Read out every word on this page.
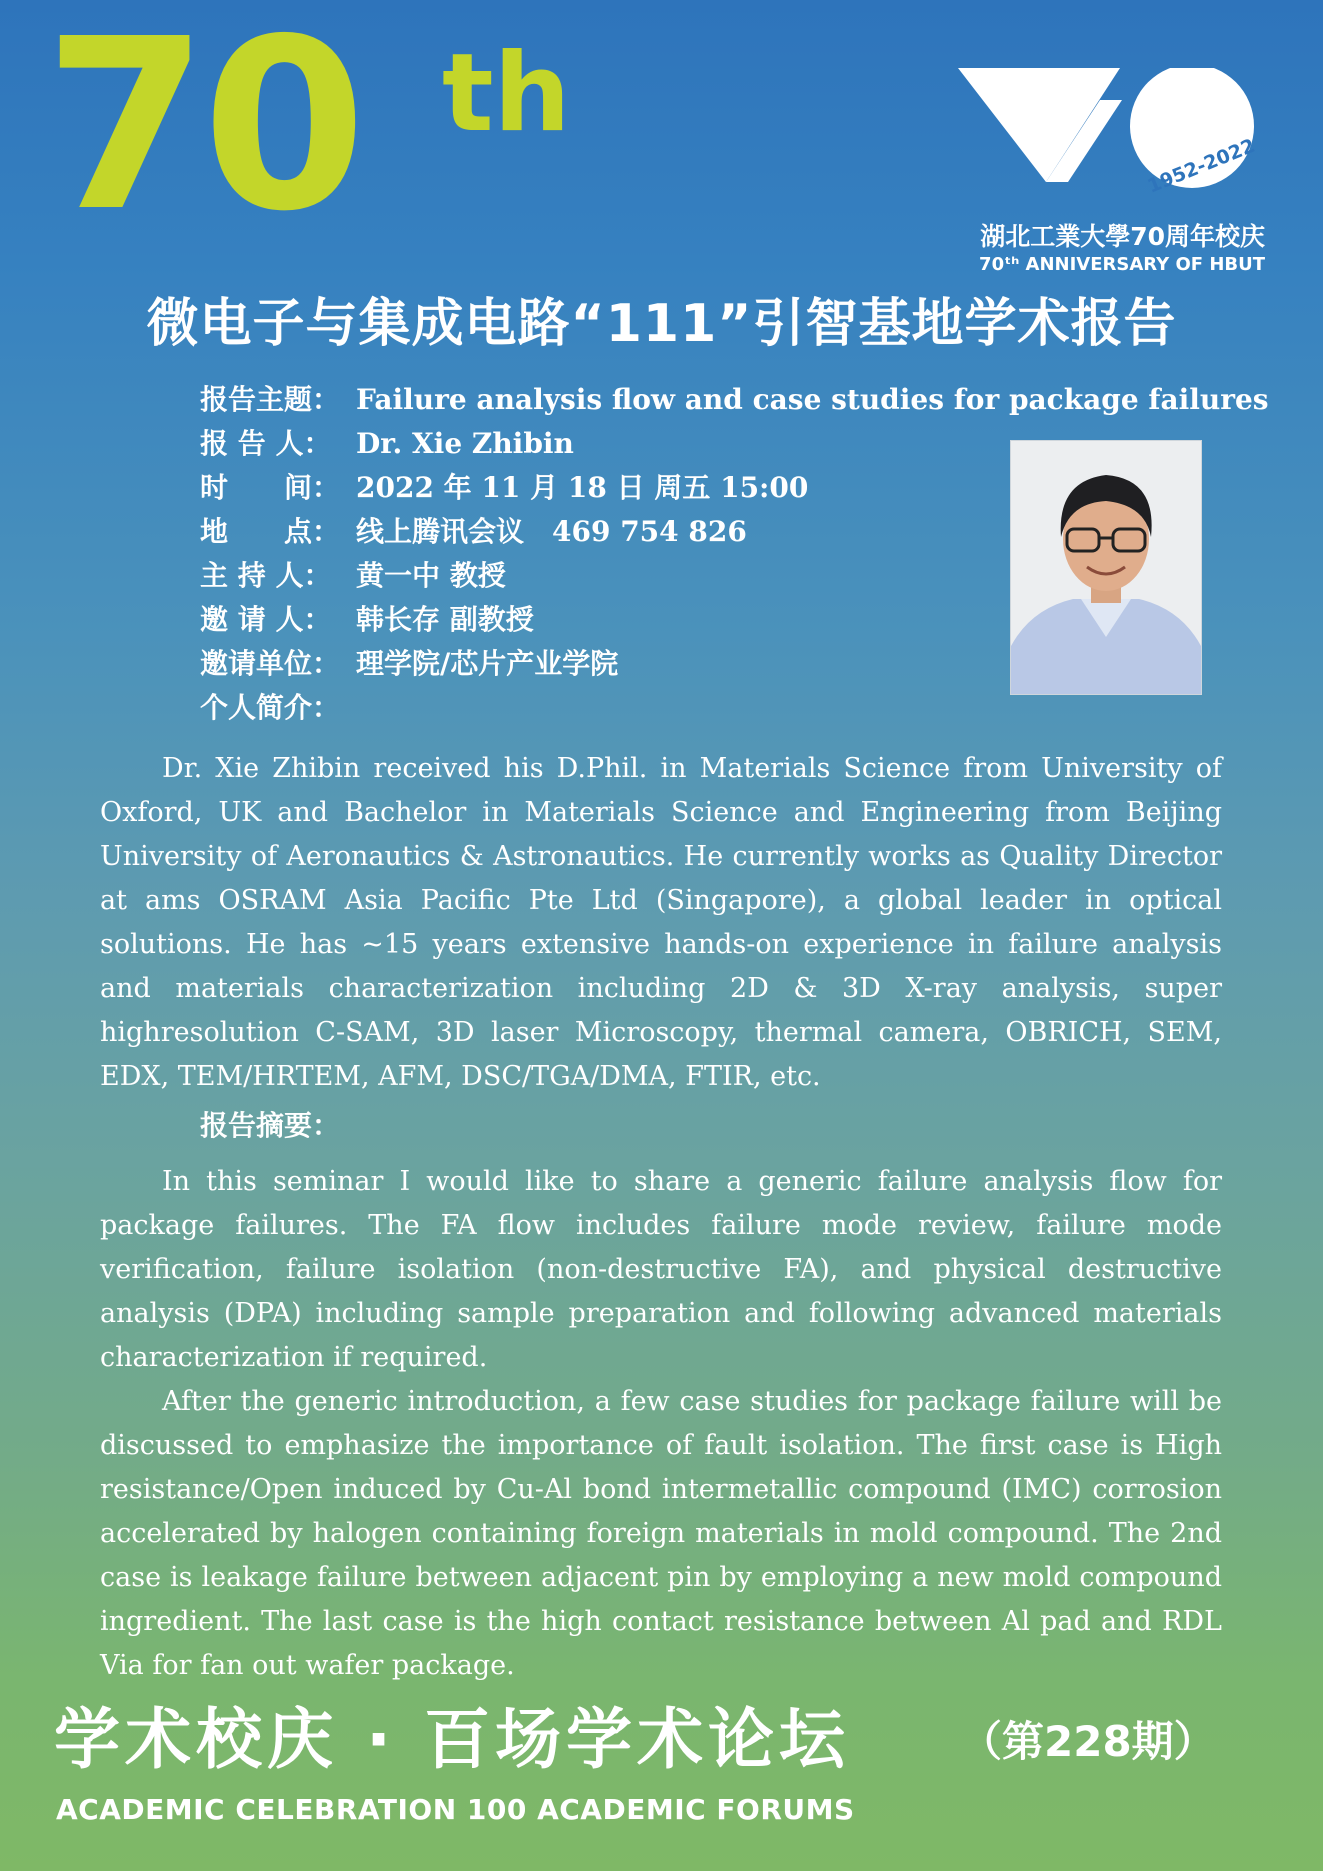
70 th
1952-2022
湖北工業大學70周年校庆
70ᵗʰ ANNIVERSARY OF HBUT
微电子与集成电路“111”引智基地学术报告
报告主题： Failure analysis flow and case studies for package failures
报 告 人： Dr. Xie Zhibin
时　　间： 2022 年 11 月 18 日 周五 15:00
地　　点： 线上腾讯会议　469 754 826
主 持 人： 黄一中 教授
邀 请 人： 韩长存 副教授
邀请单位： 理学院/芯片产业学院
个人简介：

Dr. Xie Zhibin received his D.Phil. in Materials Science from University of Oxford, UK and Bachelor in Materials Science and Engineering from Beijing University of Aeronautics & Astronautics. He currently works as Quality Director at ams OSRAM Asia Pacific Pte Ltd (Singapore), a global leader in optical solutions. He has ~15 years extensive hands-on experience in failure analysis and materials characterization including 2D & 3D X-ray analysis, super highresolution C-SAM, 3D laser Microscopy, thermal camera, OBRICH, SEM, EDX, TEM/HRTEM, AFM, DSC/TGA/DMA, FTIR, etc.

报告摘要：

In this seminar I would like to share a generic failure analysis flow for package failures. The FA flow includes failure mode review, failure mode verification, failure isolation (non-destructive FA), and physical destructive analysis (DPA) including sample preparation and following advanced materials characterization if required.

After the generic introduction, a few case studies for package failure will be discussed to emphasize the importance of fault isolation. The first case is High resistance/Open induced by Cu-Al bond intermetallic compound (IMC) corrosion accelerated by halogen containing foreign materials in mold compound. The 2nd case is leakage failure between adjacent pin by employing a new mold compound ingredient. The last case is the high contact resistance between Al pad and RDL Via for fan out wafer package.

学术校庆 · 百场学术论坛	（第228期）
ACADEMIC CELEBRATION 100 ACADEMIC FORUMS
